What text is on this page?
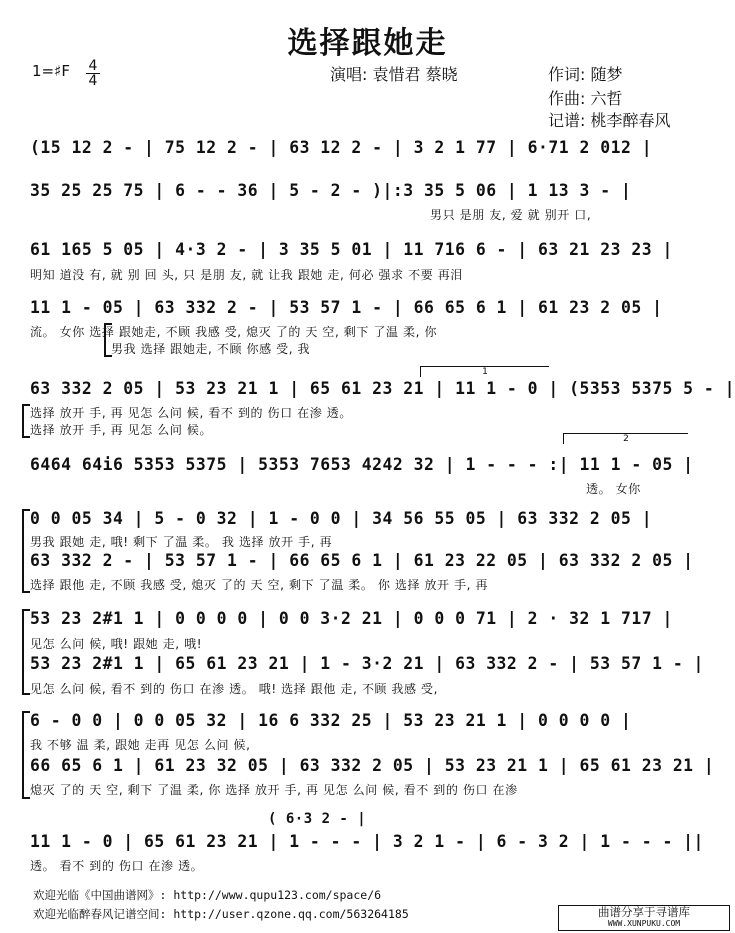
选择跟她走
1=♯F 4
4	演唱: 袁惜君 蔡晓	作词: 随梦
作曲: 六哲
记谱: 桃李醉春风
(15 12 2 - | 75 12 2 - | 63 12 2 - | 3 2 1 77 | 6·71 2 012 |
35 25 25 75 | 6 - - 36 | 5 - 2 - )|:3 35 5 06 | 1 13 3 - |
男只 是朋 友, 爱 就 别开 口,
61 165 5 05 | 4·3 2 - | 3 35 5 01 | 11 716 6 - | 63 21 23 23 |
明知 道没 有, 就 别 回 头, 只 是朋 友, 就 让我 跟她 走, 何必 强求 不要 再泪
11 1 - 05 | 63 332 2 - | 53 57 1 - | 66 65 6 1 | 61 23 2 05 |
流。 女你 选择 跟她走, 不顾 我感 受, 熄灭 了的 天 空, 剩下 了温 柔, 你
男我 选择 跟她走, 不顾 你感 受, 我
1
63 332 2 05 | 53 23 21 1 | 65 61 23 21 | 11 1 - 0 | (5353 5375 5 - |
选择 放开 手, 再 见怎 么问 候, 看不 到的 伤口 在渗 透。
选择 放开 手, 再 见怎 么问 候。
2
6464 64i6 5353 5375 | 5353 7653 4242 32 | 1 - - - :| 11 1 - 05 |
透。 女你
0 0 05 34 | 5 - 0 32 | 1 - 0 0 | 34 56 55 05 | 63 332 2 05 |
男我 跟她 走, 哦! 剩下 了温 柔。 我 选择 放开 手, 再
63 332 2 - | 53 57 1 - | 66 65 6 1 | 61 23 22 05 | 63 332 2 05 |
选择 跟他 走, 不顾 我感 受, 熄灭 了的 天 空, 剩下 了温 柔。 你 选择 放开 手, 再
53 23 2#1 1 | 0 0 0 0 | 0 0 3·2 21 | 0 0 0 71 | 2 · 32 1 717 |
见怎 么问 候, 哦! 跟她 走, 哦!
53 23 2#1 1 | 65 61 23 21 | 1 - 3·2 21 | 63 332 2 - | 53 57 1 - |
见怎 么问 候, 看不 到的 伤口 在渗 透。 哦! 选择 跟他 走, 不顾 我感 受,
6 - 0 0 | 0 0 05 32 | 16 6 332 25 | 53 23 21 1 | 0 0 0 0 |
我 不够 温 柔, 跟她 走再 见怎 么问 候,
66 65 6 1 | 61 23 32 05 | 63 332 2 05 | 53 23 21 1 | 65 61 23 21 |
熄灭 了的 天 空, 剩下 了温 柔, 你 选择 放开 手, 再 见怎 么问 候, 看不 到的 伤口 在渗
( 6·3 2 - |
11 1 - 0 | 65 61 23 21 | 1 - - - | 3 2 1 - | 6 - 3 2 | 1 - - - ||
透。 看不 到的 伤口 在渗 透。
欢迎光临《中国曲谱网》: http://www.qupu123.com/space/6
欢迎光临醉春风记谱空间: http://user.qzone.qq.com/563264185	曲谱分享于寻谱库
WWW.XUNPUKU.COM
